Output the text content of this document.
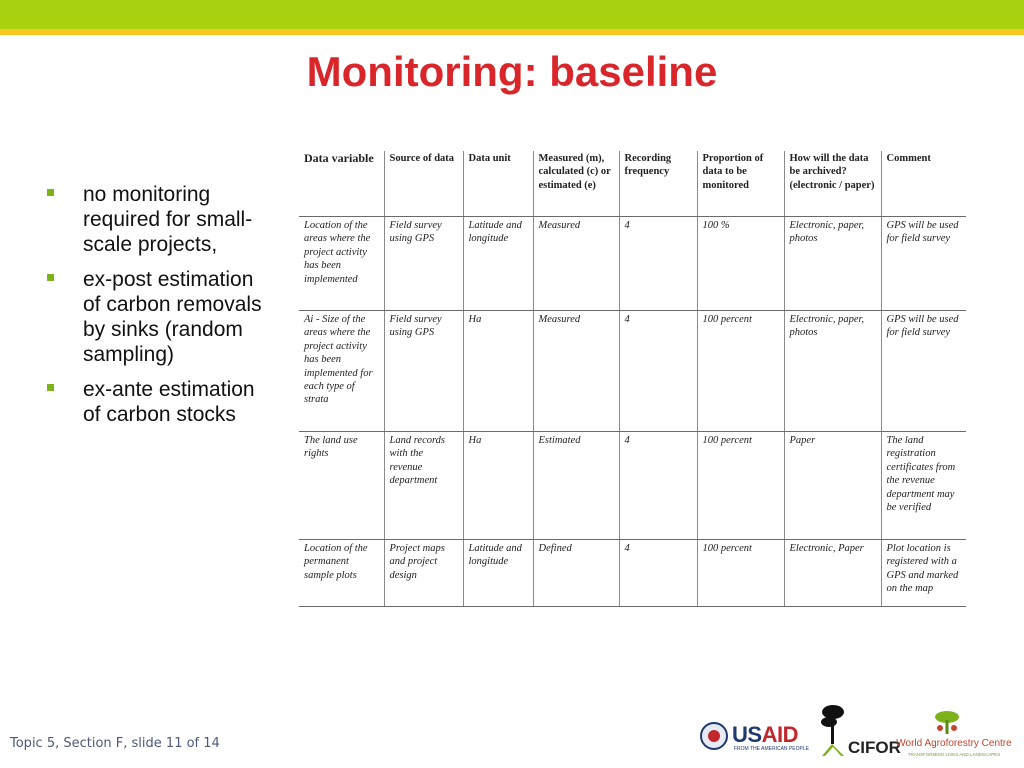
Monitoring: baseline
no monitoring required for small-scale projects,
ex-post estimation of carbon removals by sinks (random sampling)
ex-ante estimation of carbon stocks
Data variable	Source of data	Data unit	Measured (m), calculated (c) or estimated (e)	Recording frequency	Proportion of data to be monitored	How will the data be archived? (electronic / paper)	Comment
Location of the areas where the project activity has been implemented	Field survey using GPS	Latitude and longitude	Measured	4	100 %	Electronic, paper, photos	GPS will be used for field survey
Ai - Size of the areas where the project activity has been implemented for each type of strata	Field survey using GPS	Ha	Measured	4	100 percent	Electronic, paper, photos	GPS will be used for field survey
The land use rights	Land records with the revenue department	Ha	Estimated	4	100 percent	Paper	The land registration certificates from the revenue department may be verified
Location of the permanent sample plots	Project maps and project design	Latitude and longitude	Defined	4	100 percent	Electronic, Paper	Plot location is registered with a GPS and marked on the map
Topic 5, Section F, slide 11 of 14	USAID
FROM THE AMERICAN PEOPLE CIFOR
World Agroforestry Centre
TRANSFORMING LIVES AND LANDSCAPES
